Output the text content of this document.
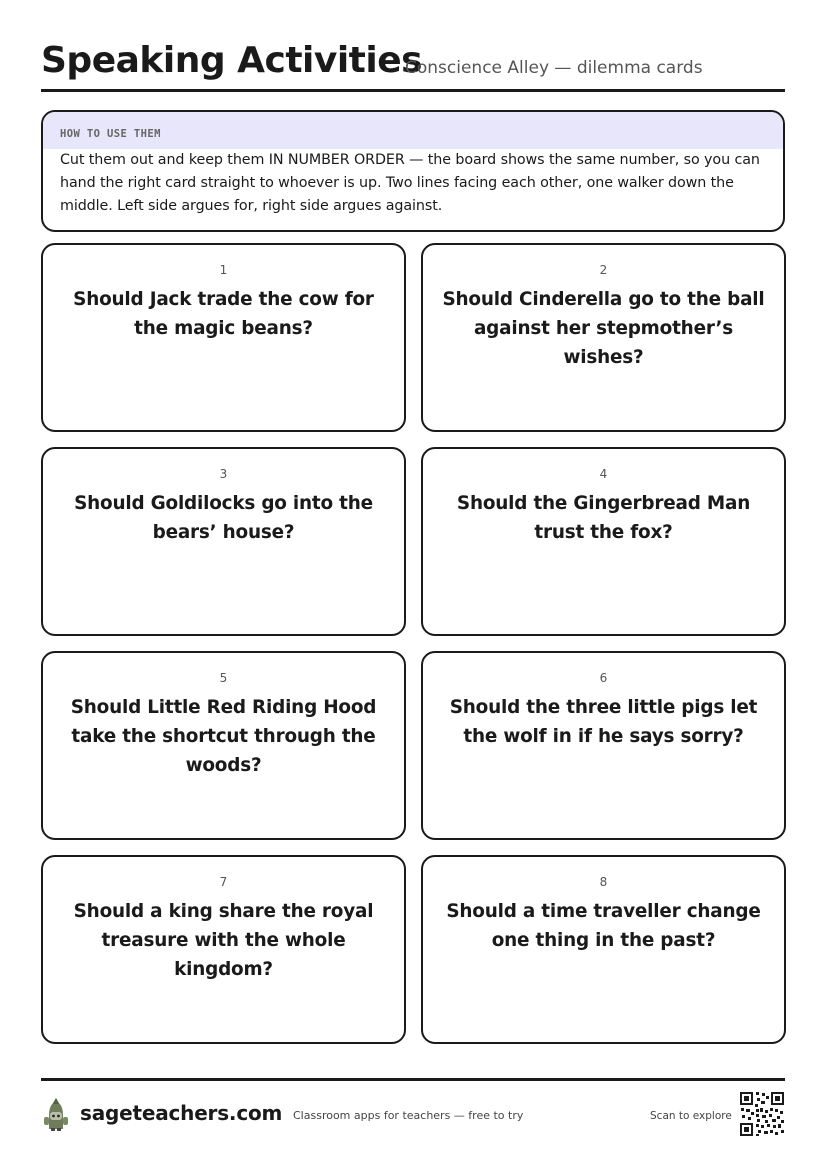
Speaking Activities
Conscience Alley — dilemma cards
HOW TO USE THEM
Cut them out and keep them IN NUMBER ORDER — the board shows the same number, so you can hand the right card straight to whoever is up. Two lines facing each other, one walker down the middle. Left side argues for, right side argues against.
1
Should Jack trade the cow for the magic beans?
2
Should Cinderella go to the ball against her stepmother’s wishes?
3
Should Goldilocks go into the bears’ house?
4
Should the Gingerbread Man trust the fox?
5
Should Little Red Riding Hood take the shortcut through the woods?
6
Should the three little pigs let the wolf in if he says sorry?
7
Should a king share the royal treasure with the whole kingdom?
8
Should a time traveller change one thing in the past?
sageteachers.com Classroom apps for teachers — free to try	Scan to explore
